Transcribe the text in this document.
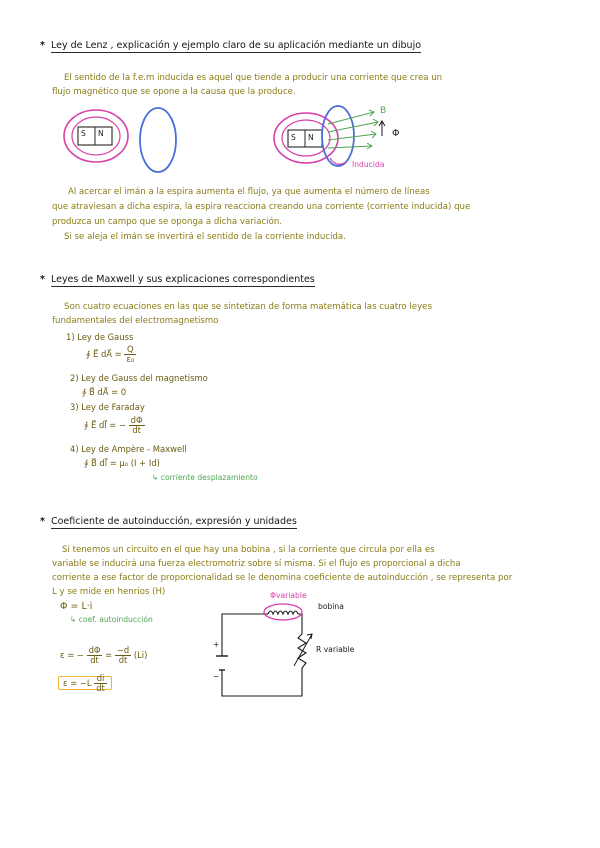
* Ley de Lenz , explicación y ejemplo claro de su aplicación mediante un dibujo
El sentido de la f.e.m inducida es aquel que tiende a producir una corriente que crea un
flujo magnético que se opone a la causa que la produce.
S N	S N
B
Φ
Inducida
Al acercar el imán a la espira aumenta el flujo, ya que aumenta el número de líneas
que atraviesan a dicha espira, la espira reacciona creando una corriente (corriente inducida) que
produzca un campo que se oponga a dicha variación.
Si se aleja el imán se invertirá el sentido de la corriente inducida.
* Leyes de Maxwell y sus explicaciones correspondientes
Son cuatro ecuaciones en las que se sintetizan de forma matemática las cuatro leyes
fundamentales del electromagnetismo
1) Ley de Gauss
∮ E⃗ dA⃗ = $\frac{Q}{\text{ε₀}}$
2) Ley de Gauss del magnetismo
∮ B⃗ dA⃗ = 0
3) Ley de Faraday
∮ E⃗ dl⃗ = − $\frac{d\Phi}{dt}$
4) Ley de Ampère - Maxwell
∮ B⃗ dl⃗ = μ₀ (I + Id)
↳ corriente desplazamiento
* Coeficiente de autoinducción, expresión y unidades
Si tenemos un circuito en el que hay una bobina , si la corriente que circula por ella es
variable se inducirá una fuerza electromotriz sobre sí misma. Si el flujo es proporcional a dicha
corriente a ese factor de proporcionalidad se le denomina coeficiente de autoinducción , se representa por
L y se mide en henrios (H)
Φ = L·i
↳ coef. autoinducción
ε = − $\frac{d\Phi}{dt} = \frac{-d}{dt} (Li)$
$\varepsilon = -L \frac{di}{dt}$
+
−
Φvariable
bobina
R variable
